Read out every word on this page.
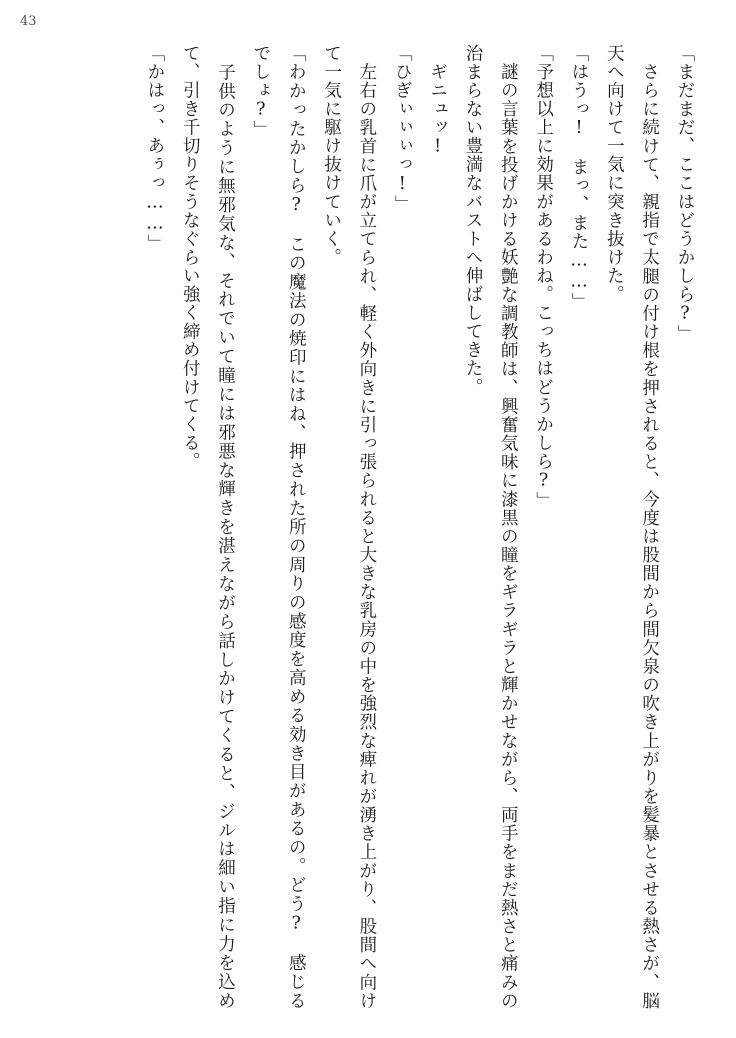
43

「まだまだ、ここはどうかしら?」

　さらに続けて、親指で太腿の付け根を押されると、今度は股間から間欠泉の吹き上がりを髪暴とさせる熱さが、脳天へ向けて一気に突き抜けた。

「はうっ!　まっ、また……」

「予想以上に効果があるわね。こっちはどうかしら?」

　謎の言葉を投げかける妖艶な調教師は、興奮気味に漆黒の瞳をギラギラと輝かせながら、両手をまだ熱さと痛みの治まらない豊満なバストへ伸ばしてきた。

　ギニュッ!

「ひぎぃぃぃっ!」

　左右の乳首に爪が立てられ、軽く外向きに引っ張られると大きな乳房の中を強烈な痺れが湧き上がり、股間へ向けて一気に駆け抜けていく。

「わかったかしら?　この魔法の焼印にはね、押された所の周りの感度を高める効き目があるの。どう?　感じるでしょ?」

　子供のように無邪気な、それでいて瞳には邪悪な輝きを湛えながら話しかけてくると、ジルは細い指に力を込めて、引き千切りそうなぐらい強く締め付けてくる。

「かはっ、あぅっ……」
